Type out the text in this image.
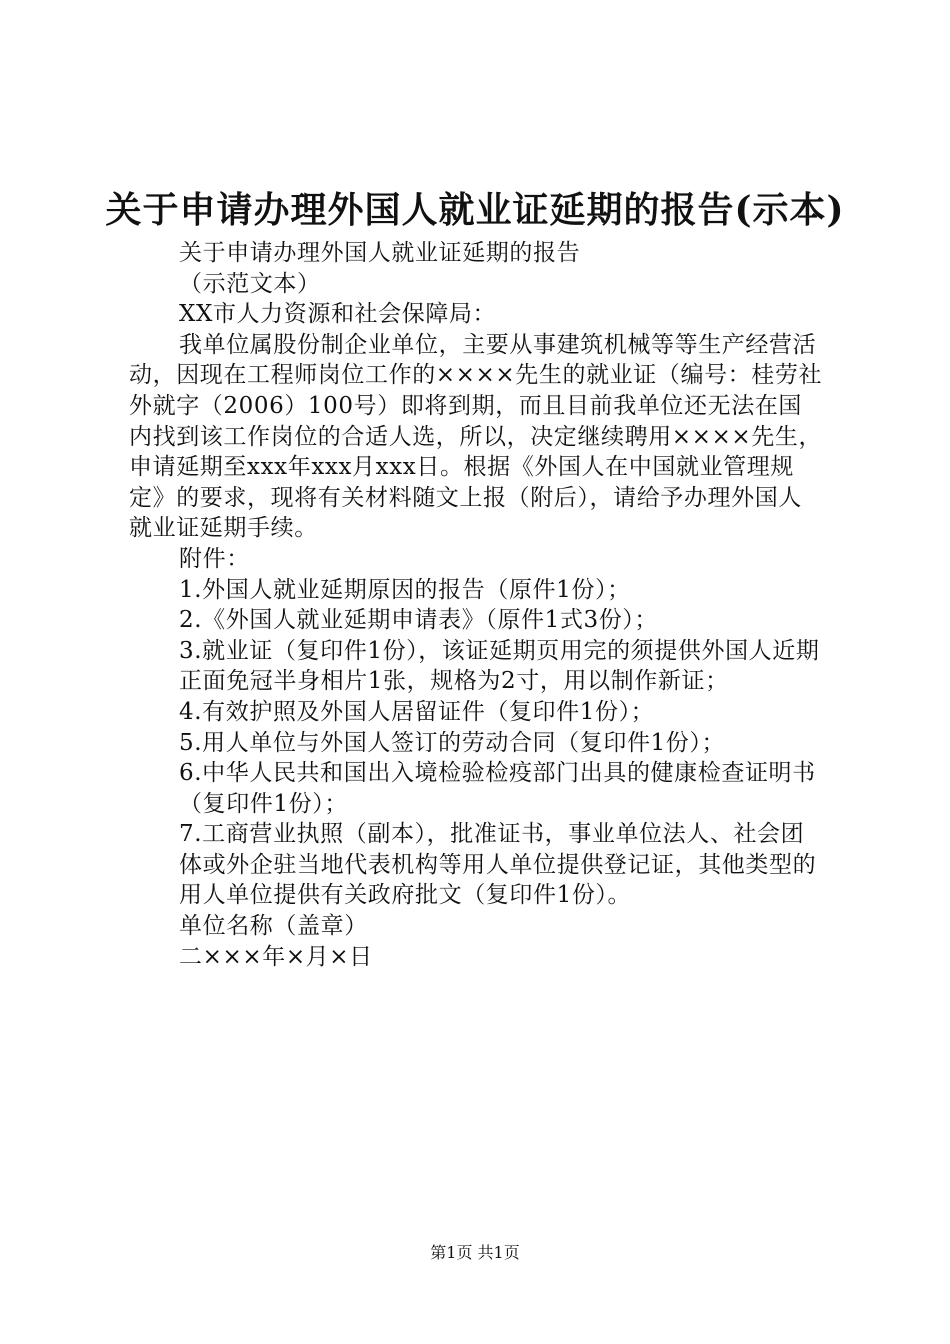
关于申请办理外国人就业证延期的报告(示本)

关于申请办理外国人就业证延期的报告

（示范文本）

XX市人力资源和社会保障局：

我单位属股份制企业单位，主要从事建筑机械等等生产经营活动，因现在工程师岗位工作的××××先生的就业证（编号：桂劳社外就字（2006）100号）即将到期，而且目前我单位还无法在国内找到该工作岗位的合适人选，所以，决定继续聘用××××先生，申请延期至xxx年xxx月xxx日。根据《外国人在中国就业管理规定》的要求，现将有关材料随文上报（附后），请给予办理外国人就业证延期手续。

附件：

1.外国人就业延期原因的报告（原件1份）；

2.《外国人就业延期申请表》（原件1式3份）；

3.就业证（复印件1份），该证延期页用完的须提供外国人近期正面免冠半身相片1张，规格为2寸，用以制作新证；

4.有效护照及外国人居留证件（复印件1份）；

5.用人单位与外国人签订的劳动合同（复印件1份）；

6.中华人民共和国出入境检验检疫部门出具的健康检查证明书（复印件1份）；

7.工商营业执照（副本），批准证书，事业单位法人、社会团体或外企驻当地代表机构等用人单位提供登记证，其他类型的用人单位提供有关政府批文（复印件1份）。

单位名称（盖章）

二×××年×月×日

第1页 共1页
